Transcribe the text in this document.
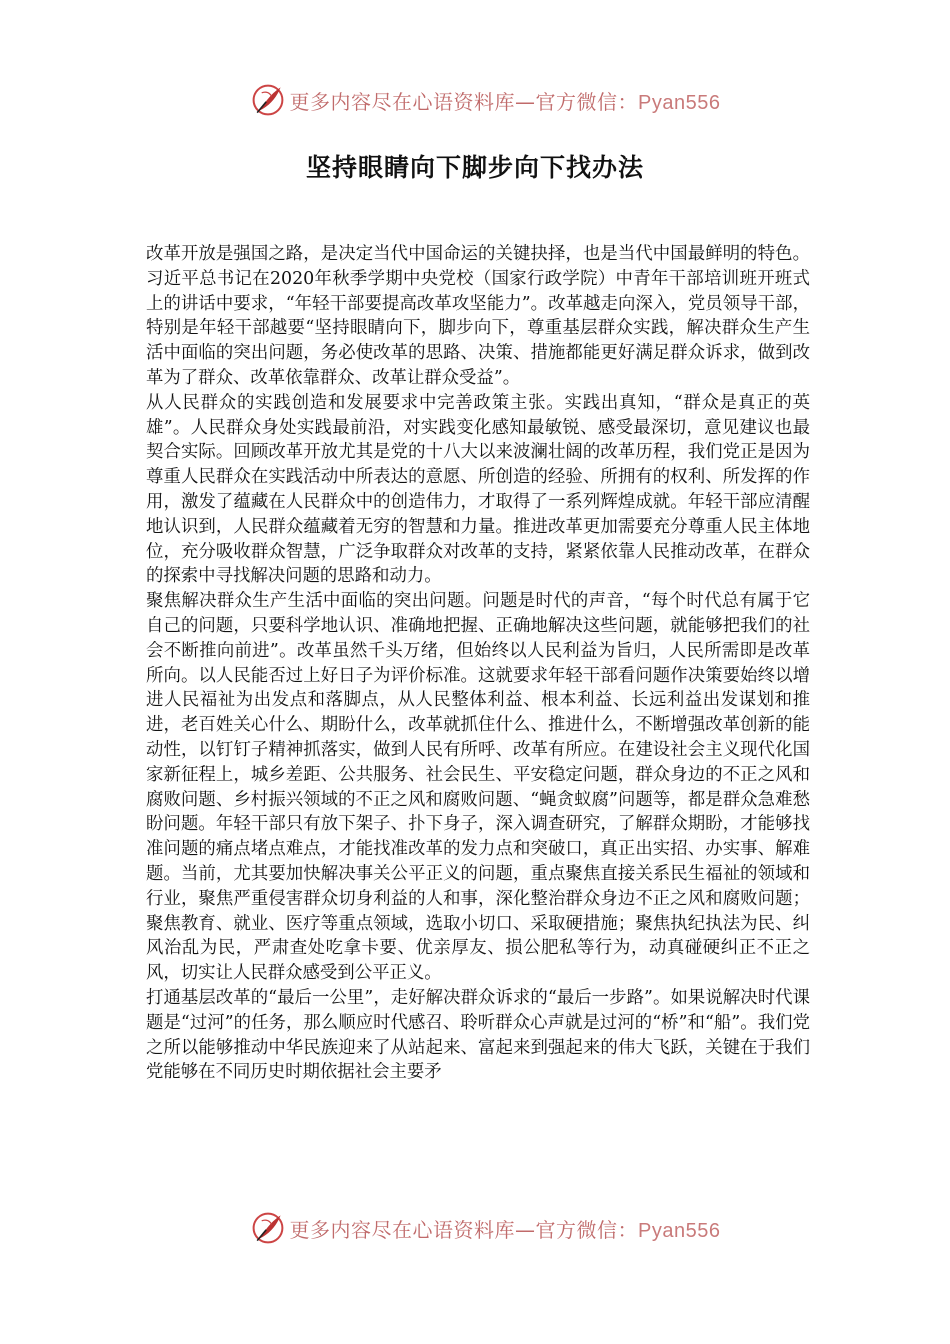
更多内容尽在心语资料库—官方微信：Pyan556
坚持眼睛向下脚步向下找办法

改革开放是强国之路，是决定当代中国命运的关键抉择，也是当代中国最鲜明的特色。习近平总书记在2020年秋季学期中央党校（国家行政学院）中青年干部培训班开班式上的讲话中要求，“年轻干部要提高改革攻坚能力”。改革越走向深入，党员领导干部，特别是年轻干部越要“坚持眼睛向下，脚步向下，尊重基层群众实践，解决群众生产生活中面临的突出问题，务必使改革的思路、决策、措施都能更好满足群众诉求，做到改革为了群众、改革依靠群众、改革让群众受益”。

从人民群众的实践创造和发展要求中完善政策主张。实践出真知，“群众是真正的英雄”。人民群众身处实践最前沿，对实践变化感知最敏锐、感受最深切，意见建议也最契合实际。回顾改革开放尤其是党的十八大以来波澜壮阔的改革历程，我们党正是因为尊重人民群众在实践活动中所表达的意愿、所创造的经验、所拥有的权利、所发挥的作用，激发了蕴藏在人民群众中的创造伟力，才取得了一系列辉煌成就。年轻干部应清醒地认识到，人民群众蕴藏着无穷的智慧和力量。推进改革更加需要充分尊重人民主体地位，充分吸收群众智慧，广泛争取群众对改革的支持，紧紧依靠人民推动改革，在群众的探索中寻找解决问题的思路和动力。

聚焦解决群众生产生活中面临的突出问题。问题是时代的声音，“每个时代总有属于它自己的问题，只要科学地认识、准确地把握、正确地解决这些问题，就能够把我们的社会不断推向前进”。改革虽然千头万绪，但始终以人民利益为旨归，人民所需即是改革所向。以人民能否过上好日子为评价标准。这就要求年轻干部看问题作决策要始终以增进人民福祉为出发点和落脚点，从人民整体利益、根本利益、长远利益出发谋划和推进，老百姓关心什么、期盼什么，改革就抓住什么、推进什么，不断增强改革创新的能动性，以钉钉子精神抓落实，做到人民有所呼、改革有所应。在建设社会主义现代化国家新征程上，城乡差距、公共服务、社会民生、平安稳定问题，群众身边的不正之风和腐败问题、乡村振兴领域的不正之风和腐败问题、“蝇贪蚁腐”问题等，都是群众急难愁盼问题。年轻干部只有放下架子、扑下身子，深入调查研究，了解群众期盼，才能够找准问题的痛点堵点难点，才能找准改革的发力点和突破口，真正出实招、办实事、解难题。当前，尤其要加快解决事关公平正义的问题，重点聚焦直接关系民生福祉的领域和行业，聚焦严重侵害群众切身利益的人和事，深化整治群众身边不正之风和腐败问题；聚焦教育、就业、医疗等重点领域，选取小切口、采取硬措施；聚焦执纪执法为民、纠风治乱为民，严肃查处吃拿卡要、优亲厚友、损公肥私等行为，动真碰硬纠正不正之风，切实让人民群众感受到公平正义。

打通基层改革的“最后一公里”，走好解决群众诉求的“最后一步路”。如果说解决时代课题是“过河”的任务，那么顺应时代感召、聆听群众心声就是过河的“桥”和“船”。我们党之所以能够推动中华民族迎来了从站起来、富起来到强起来的伟大飞跃，关键在于我们党能够在不同历史时期依据社会主要矛

更多内容尽在心语资料库—官方微信：Pyan556
